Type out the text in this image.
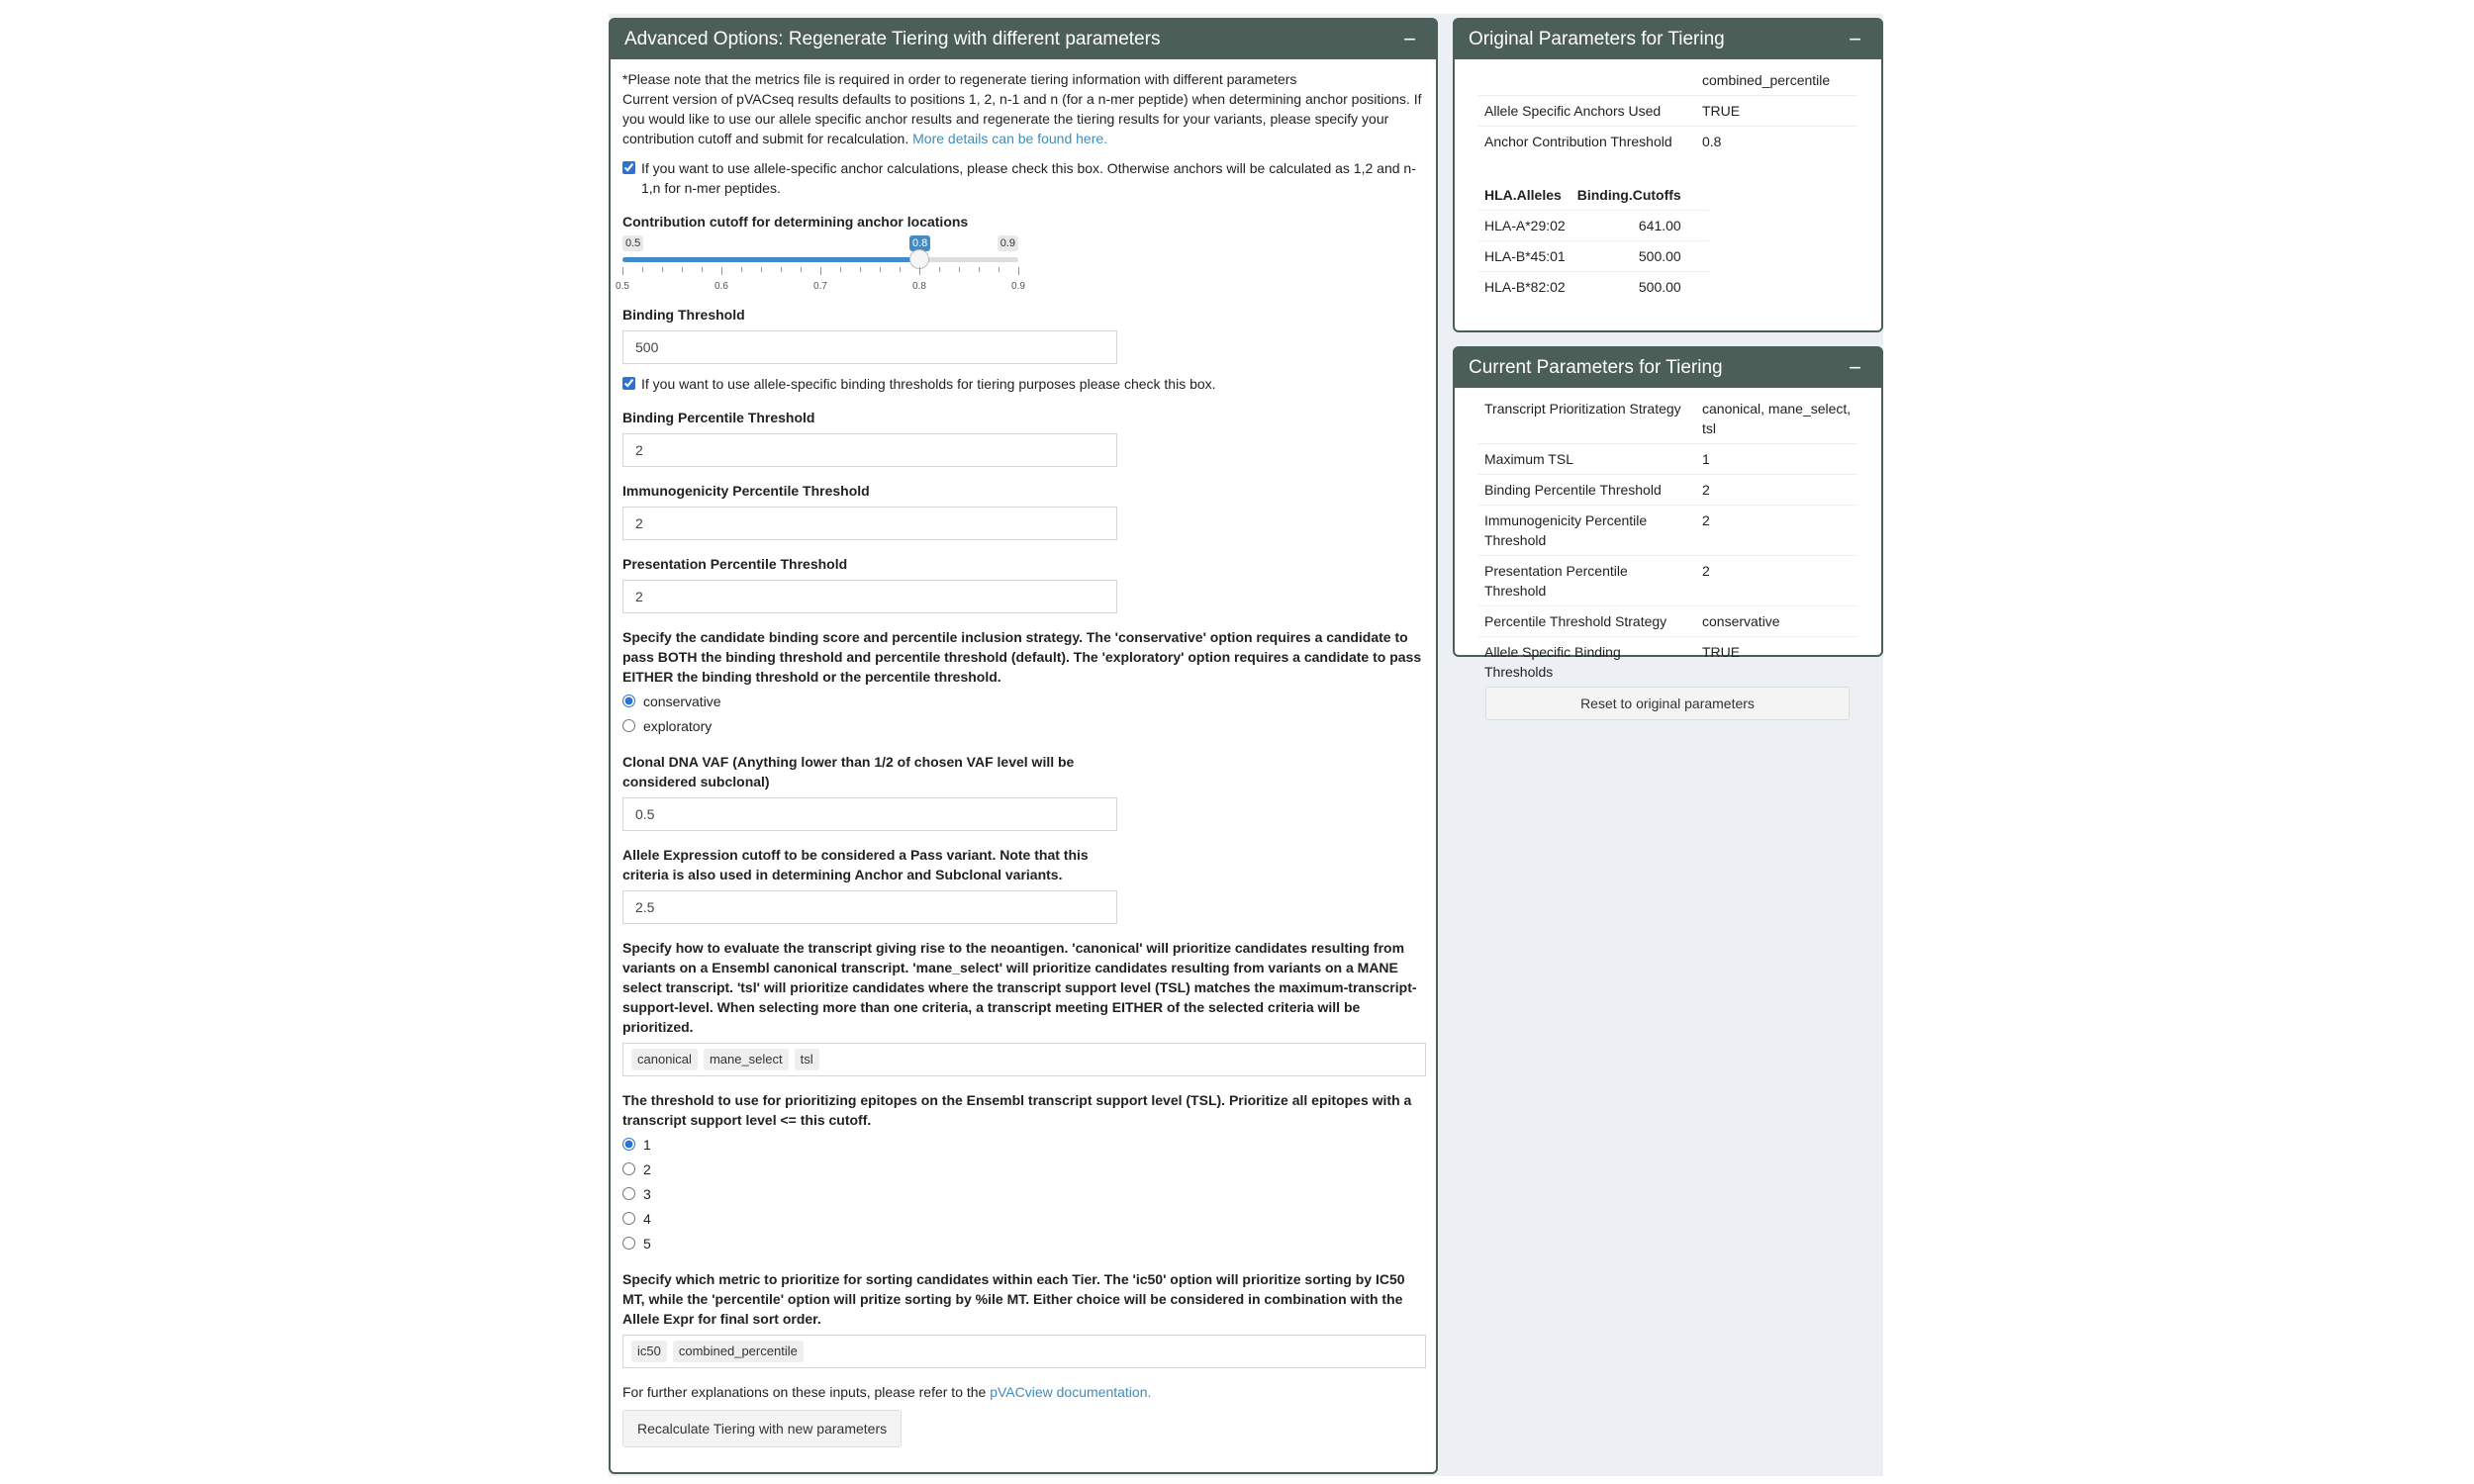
Advanced Options: Regenerate Tiering with different parameters	−

*Please note that the metrics file is required in order to regenerate tiering information with different parameters

Current version of pVACseq results defaults to positions 1, 2, n-1 and n (for a n-mer peptide) when determining anchor positions. If you would like to use our allele specific anchor results and regenerate the tiering results for your variants, please specify your contribution cutoff and submit for recalculation. More details can be found here.

If you want to use allele-specific anchor calculations, please check this box. Otherwise anchors will be calculated as 1,2 and n-1,n for n-mer peptides.
Contribution cutoff for determining anchor locations
0.5	0.9
0.8
0.5	0.6	0.7	0.8	0.9
Binding Threshold
500
If you want to use allele-specific binding thresholds for tiering purposes please check this box.
Binding Percentile Threshold
2
Immunogenicity Percentile Threshold
2
Presentation Percentile Threshold
2
Specify the candidate binding score and percentile inclusion strategy. The 'conservative' option requires a candidate to pass BOTH the binding threshold and percentile threshold (default). The 'exploratory' option requires a candidate to pass EITHER the binding threshold or the percentile threshold.
conservative
exploratory
Clonal DNA VAF (Anything lower than 1/2 of chosen VAF level will be considered subclonal)
0.5
Allele Expression cutoff to be considered a Pass variant. Note that this criteria is also used in determining Anchor and Subclonal variants.
2.5
Specify how to evaluate the transcript giving rise to the neoantigen. 'canonical' will prioritize candidates resulting from variants on a Ensembl canonical transcript. 'mane_select' will prioritize candidates resulting from variants on a MANE select transcript. 'tsl' will prioritize candidates where the transcript support level (TSL) matches the maximum-transcript-support-level. When selecting more than one criteria, a transcript meeting EITHER of the selected criteria will be prioritized.
canonical	mane_select	tsl
The threshold to use for prioritizing epitopes on the Ensembl transcript support level (TSL). Prioritize all epitopes with a transcript support level <= this cutoff.
1
2
3
4
5
Specify which metric to prioritize for sorting candidates within each Tier. The 'ic50' option will prioritize sorting by IC50 MT, while the 'percentile' option will pritize sorting by %ile MT. Either choice will be considered in combination with the Allele Expr for final sort order.
ic50	combined_percentile

For further explanations on these inputs, please refer to the pVACview documentation.

Recalculate Tiering with new parameters
Original Parameters for Tiering	−
	combined_percentile
Allele Specific Anchors Used	TRUE
Anchor Contribution Threshold	0.8
HLA.Alleles	Binding.Cutoffs
HLA-A*29:02	641.00
HLA-B*45:01	500.00
HLA-B*82:02	500.00
Current Parameters for Tiering	−
Transcript Prioritization Strategy	canonical, mane_select, tsl
Maximum TSL	1
Binding Percentile Threshold	2
Immunogenicity Percentile Threshold	2
Presentation Percentile Threshold	2
Percentile Threshold Strategy	conservative
Allele Specific Binding Thresholds	TRUE
Reset to original parameters
